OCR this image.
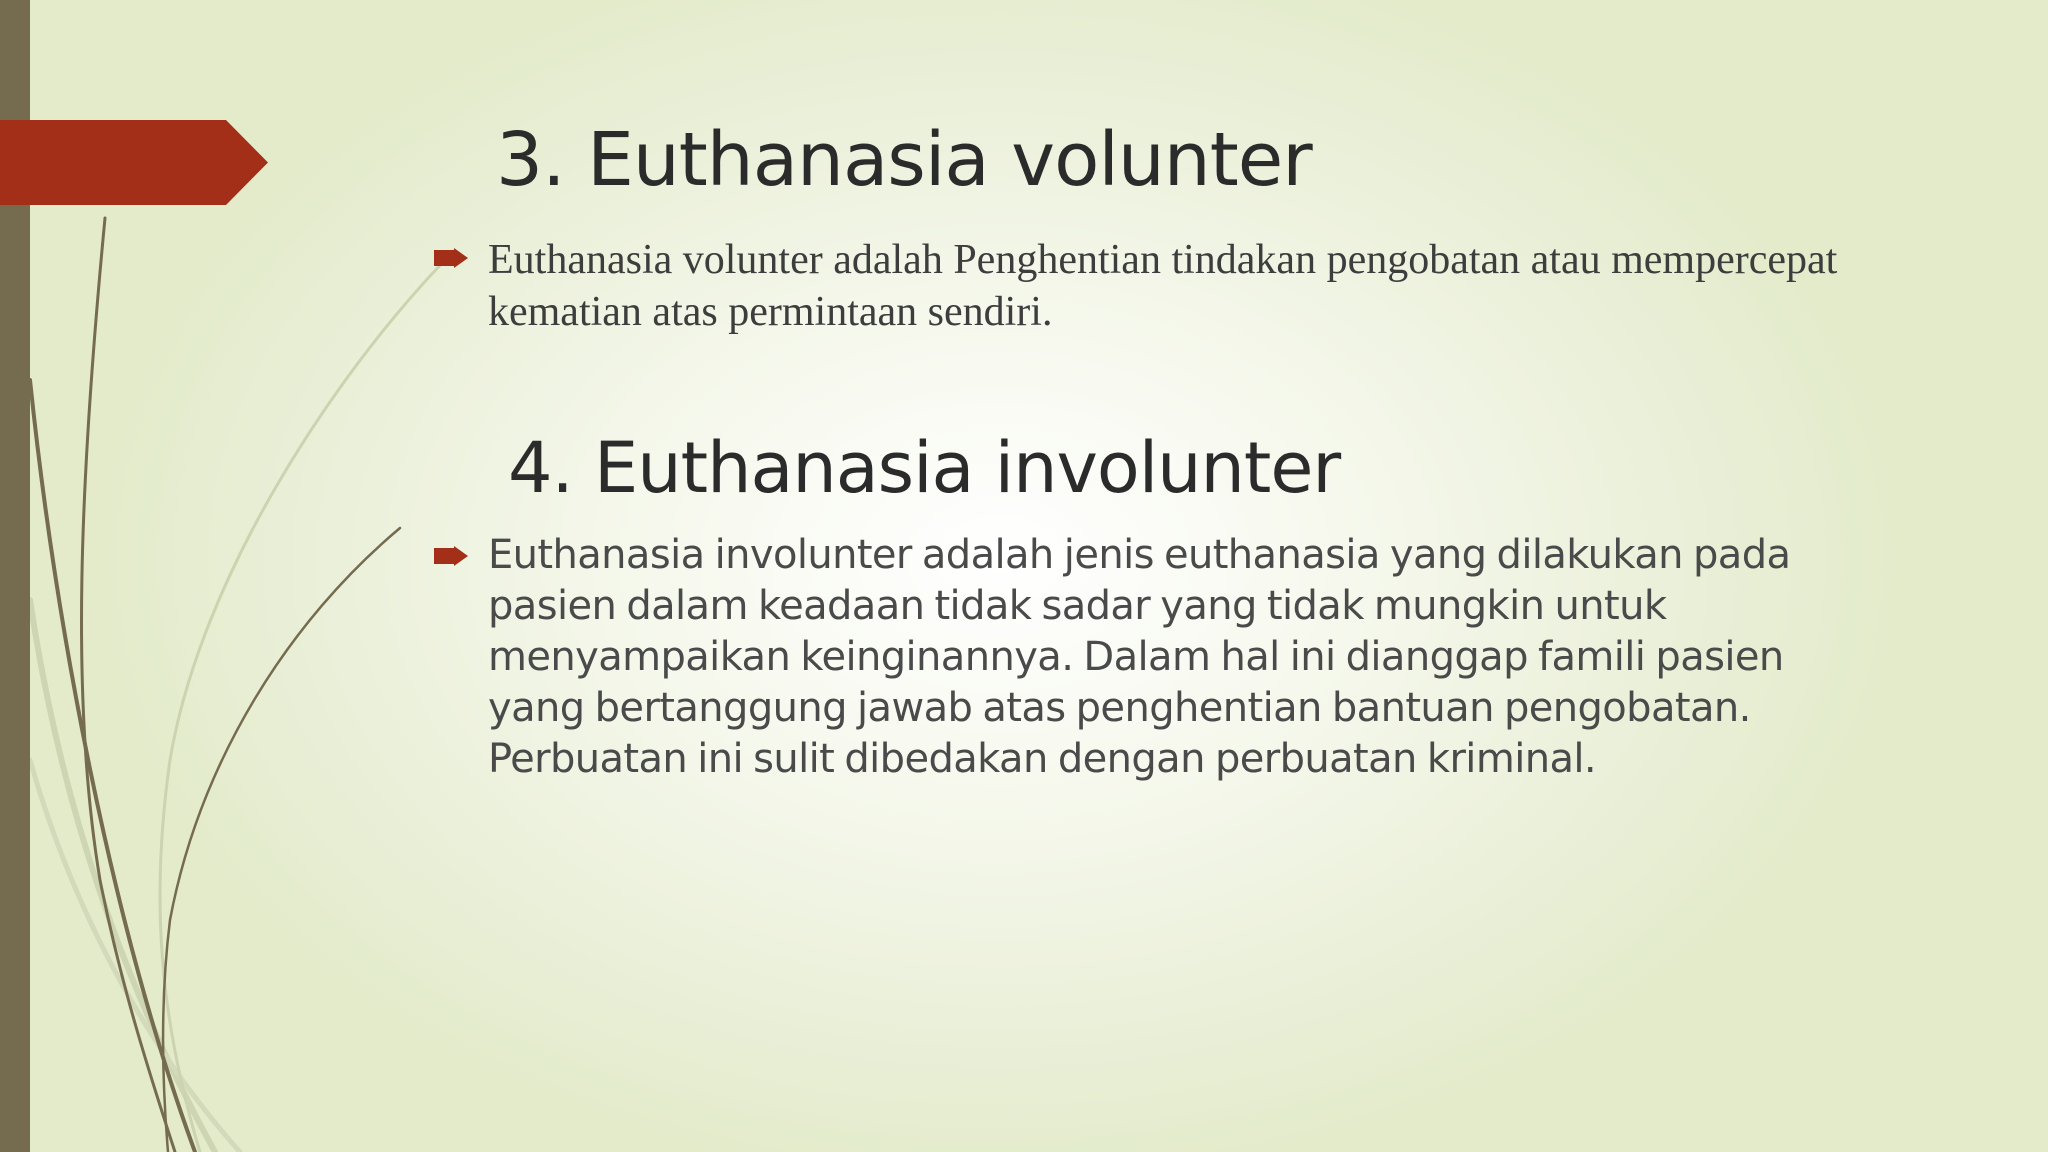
3. Euthanasia volunter

Euthanasia volunter adalah Penghentian tindakan pengobatan atau mempercepat kematian atas permintaan sendiri.

4. Euthanasia involunter

Euthanasia involunter adalah jenis euthanasia yang dilakukan pada pasien dalam keadaan tidak sadar yang tidak mungkin untuk menyampaikan keinginannya. Dalam hal ini dianggap famili pasien yang bertanggung jawab atas penghentian bantuan pengobatan. Perbuatan ini sulit dibedakan dengan perbuatan kriminal.
